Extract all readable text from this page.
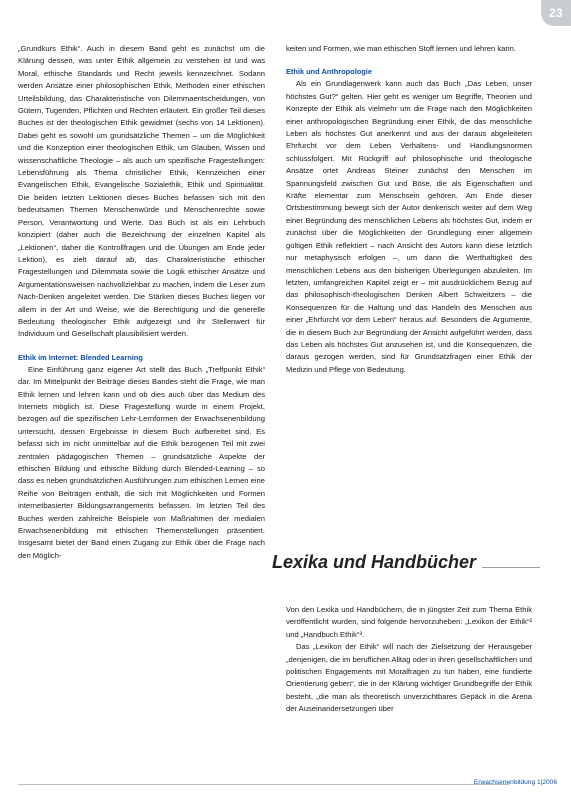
23

„Grundkurs Ethik“. Auch in diesem Band geht es zunächst um die Klärung dessen, was unter Ethik allgemein zu verstehen ist und was Moral, ethische Standards und Recht jeweils kennzeichnet. Sodann werden Ansätze einer philosophischen Ethik, Methoden einer ethischen Urteilsbildung, das Charakteristische von Dilemmaentscheidungen, von Gütern, Tugenden, Pflichten und Rechten erläutert. Ein großer Teil dieses Buches ist der theologischen Ethik gewidmet (sechs von 14 Lektionen). Dabei geht es sowohl um grundsätzliche Themen – um die Möglichkeit und die Konzeption einer theologischen Ethik, um Glauben, Wissen und wissenschaftliche Theologie – als auch um spezifische Fragestellungen: Lebensführung als Thema christlicher Ethik, Kennzeichen einer Evangelischen Ethik, Evangelische Sozialethik, Ethik und Spiritualität. Die beiden letzten Lektionen dieses Buches befassen sich mit den bedeutsamen Themen Menschenwürde und Menschenrechte sowie Person, Verantwortung und Werte. Das Buch ist als ein Lehrbuch konzipiert (daher auch die Bezeichnung der einzelnen Kapitel als „Lektionen“, daher die Kontrollfragen und die Übungen am Ende jeder Lektion), es zielt darauf ab, das Charakteristische ethischer Fragestellungen und Dilemmata sowie die Logik ethischer Ansätze und Argumentationsweisen nachvollziehbar zu machen, indem die Leser zum Nach-Denken angeleitet werden. Die Stärken dieses Buches liegen vor allem in der Art und Weise, wie die Berechtigung und die generelle Bedeutung theologischer Ethik aufgezeigt und ihr Stellenwert für Individuum und Gesellschaft plausibilisiert werden.

Ethik im Internet: Blended Learning

Eine Einführung ganz eigener Art stellt das Buch „Treffpunkt Ethik“ dar. Im Mittelpunkt der Beiträge dieses Bandes steht die Frage, wie man Ethik lernen und lehren kann und ob dies auch über das Medium des Internets möglich ist. Diese Fragestellung wurde in einem Projekt, bezogen auf die spezifischen Lehr-Lernformen der Erwachsenenbildung untersucht, dessen Ergebnisse in diesem Buch aufbereitet sind. Es befasst sich im nicht unmittelbar auf die Ethik bezogenen Teil mit zwei zentralen pädagogischen Themen – grundsätzliche Aspekte der ethischen Bildung und ethische Bildung durch Blended-Learning – so dass es neben grundsätzlichen Ausführungen zum ethischen Lernen eine Reihe von Beiträgen enthält, die sich mit Möglichkeiten und Formen internetbasierter Bildungsarrangements befassen. Im letzten Teil des Buches werden zahlreiche Beispiele von Maßnahmen der medialen Erwachsenenbildung mit ethischen Themenstellungen präsentiert. Insgesamt bietet der Band einen Zugang zur Ethik über die Frage nach den Möglich-

keiten und Formen, wie man ethischen Stoff lernen und lehren kann.

Ethik und Anthropologie

Als ein Grundlagenwerk kann auch das Buch „Das Leben, unser höchstes Gut?“ gelten. Hier geht es weniger um Begriffe, Theorien und Konzepte der Ethik als vielmehr um die Frage nach den Möglichkeiten einer anthropologischen Begründung einer Ethik, die das menschliche Leben als höchstes Gut anerkennt und aus der daraus abgeleiteten Ehrfurcht vor dem Leben Verhaltens- und Handlungsnormen schlussfolgert. Mit Rückgriff auf philosophische und theologische Ansätze ortet Andreas Steiner zunächst den Menschen im Spannungsfeld zwischen Gut und Böse, die als Eigenschaften und Kräfte elementar zum Menschsein gehören. Am Ende dieser Ortsbestimmung bewegt sich der Autor denkerisch weiter auf dem Weg einer Begründung des menschlichen Lebens als höchstes Gut, indem er zunächst über die Möglichkeiten der Grundlegung einer allgemein gültigen Ethik reflektiert – nach Ansicht des Autors kann diese letztlich nur metaphysisch erfolgen –, um dann die Werthaftigkeit des menschlichen Lebens aus den bisherigen Überlegungen abzuleiten. Im letzten, umfangreichen Kapitel zeigt er – mit ausdrücklichem Bezug auf das philosophisch-theologischen Denken Albert Schweitzers – die Konsequenzen für die Haltung und das Handeln des Menschen aus einer „Ehrfurcht vor dem Leben“ heraus auf. Besonders die Argumente, die in diesem Buch zur Begründung der Ansicht aufgeführt werden, dass das Leben als höchstes Gut anzusehen ist, und die Konsequenzen, die daraus gezogen werden, sind für Grundsatzfragen einer Ethik der Medizin und Pflege von Bedeutung.

Lexika und Handbücher

Von den Lexika und Handbüchern, die in jüngster Zeit zum Thema Ethik veröffentlicht wurden, sind folgende hervorzuheben: „Lexikon der Ethik“² und „Handbuch Ethik“³.

Das „Lexikon der Ethik“ will nach der Zielsetzung der Herausgeber „denjenigen, die im beruflichen Alltag oder in ihren gesellschaftlichen und politischen Engagements mit Moralfragen zu tun haben, eine fundierte Orientierung geben“, die in der Klärung wichtiger Grundbegriffe der Ethik besteht, „die man als theoretisch unverzichtbares Gepäck in die Arena der Auseinandersetzungen über

Erwachsenenbildung 1|2006
